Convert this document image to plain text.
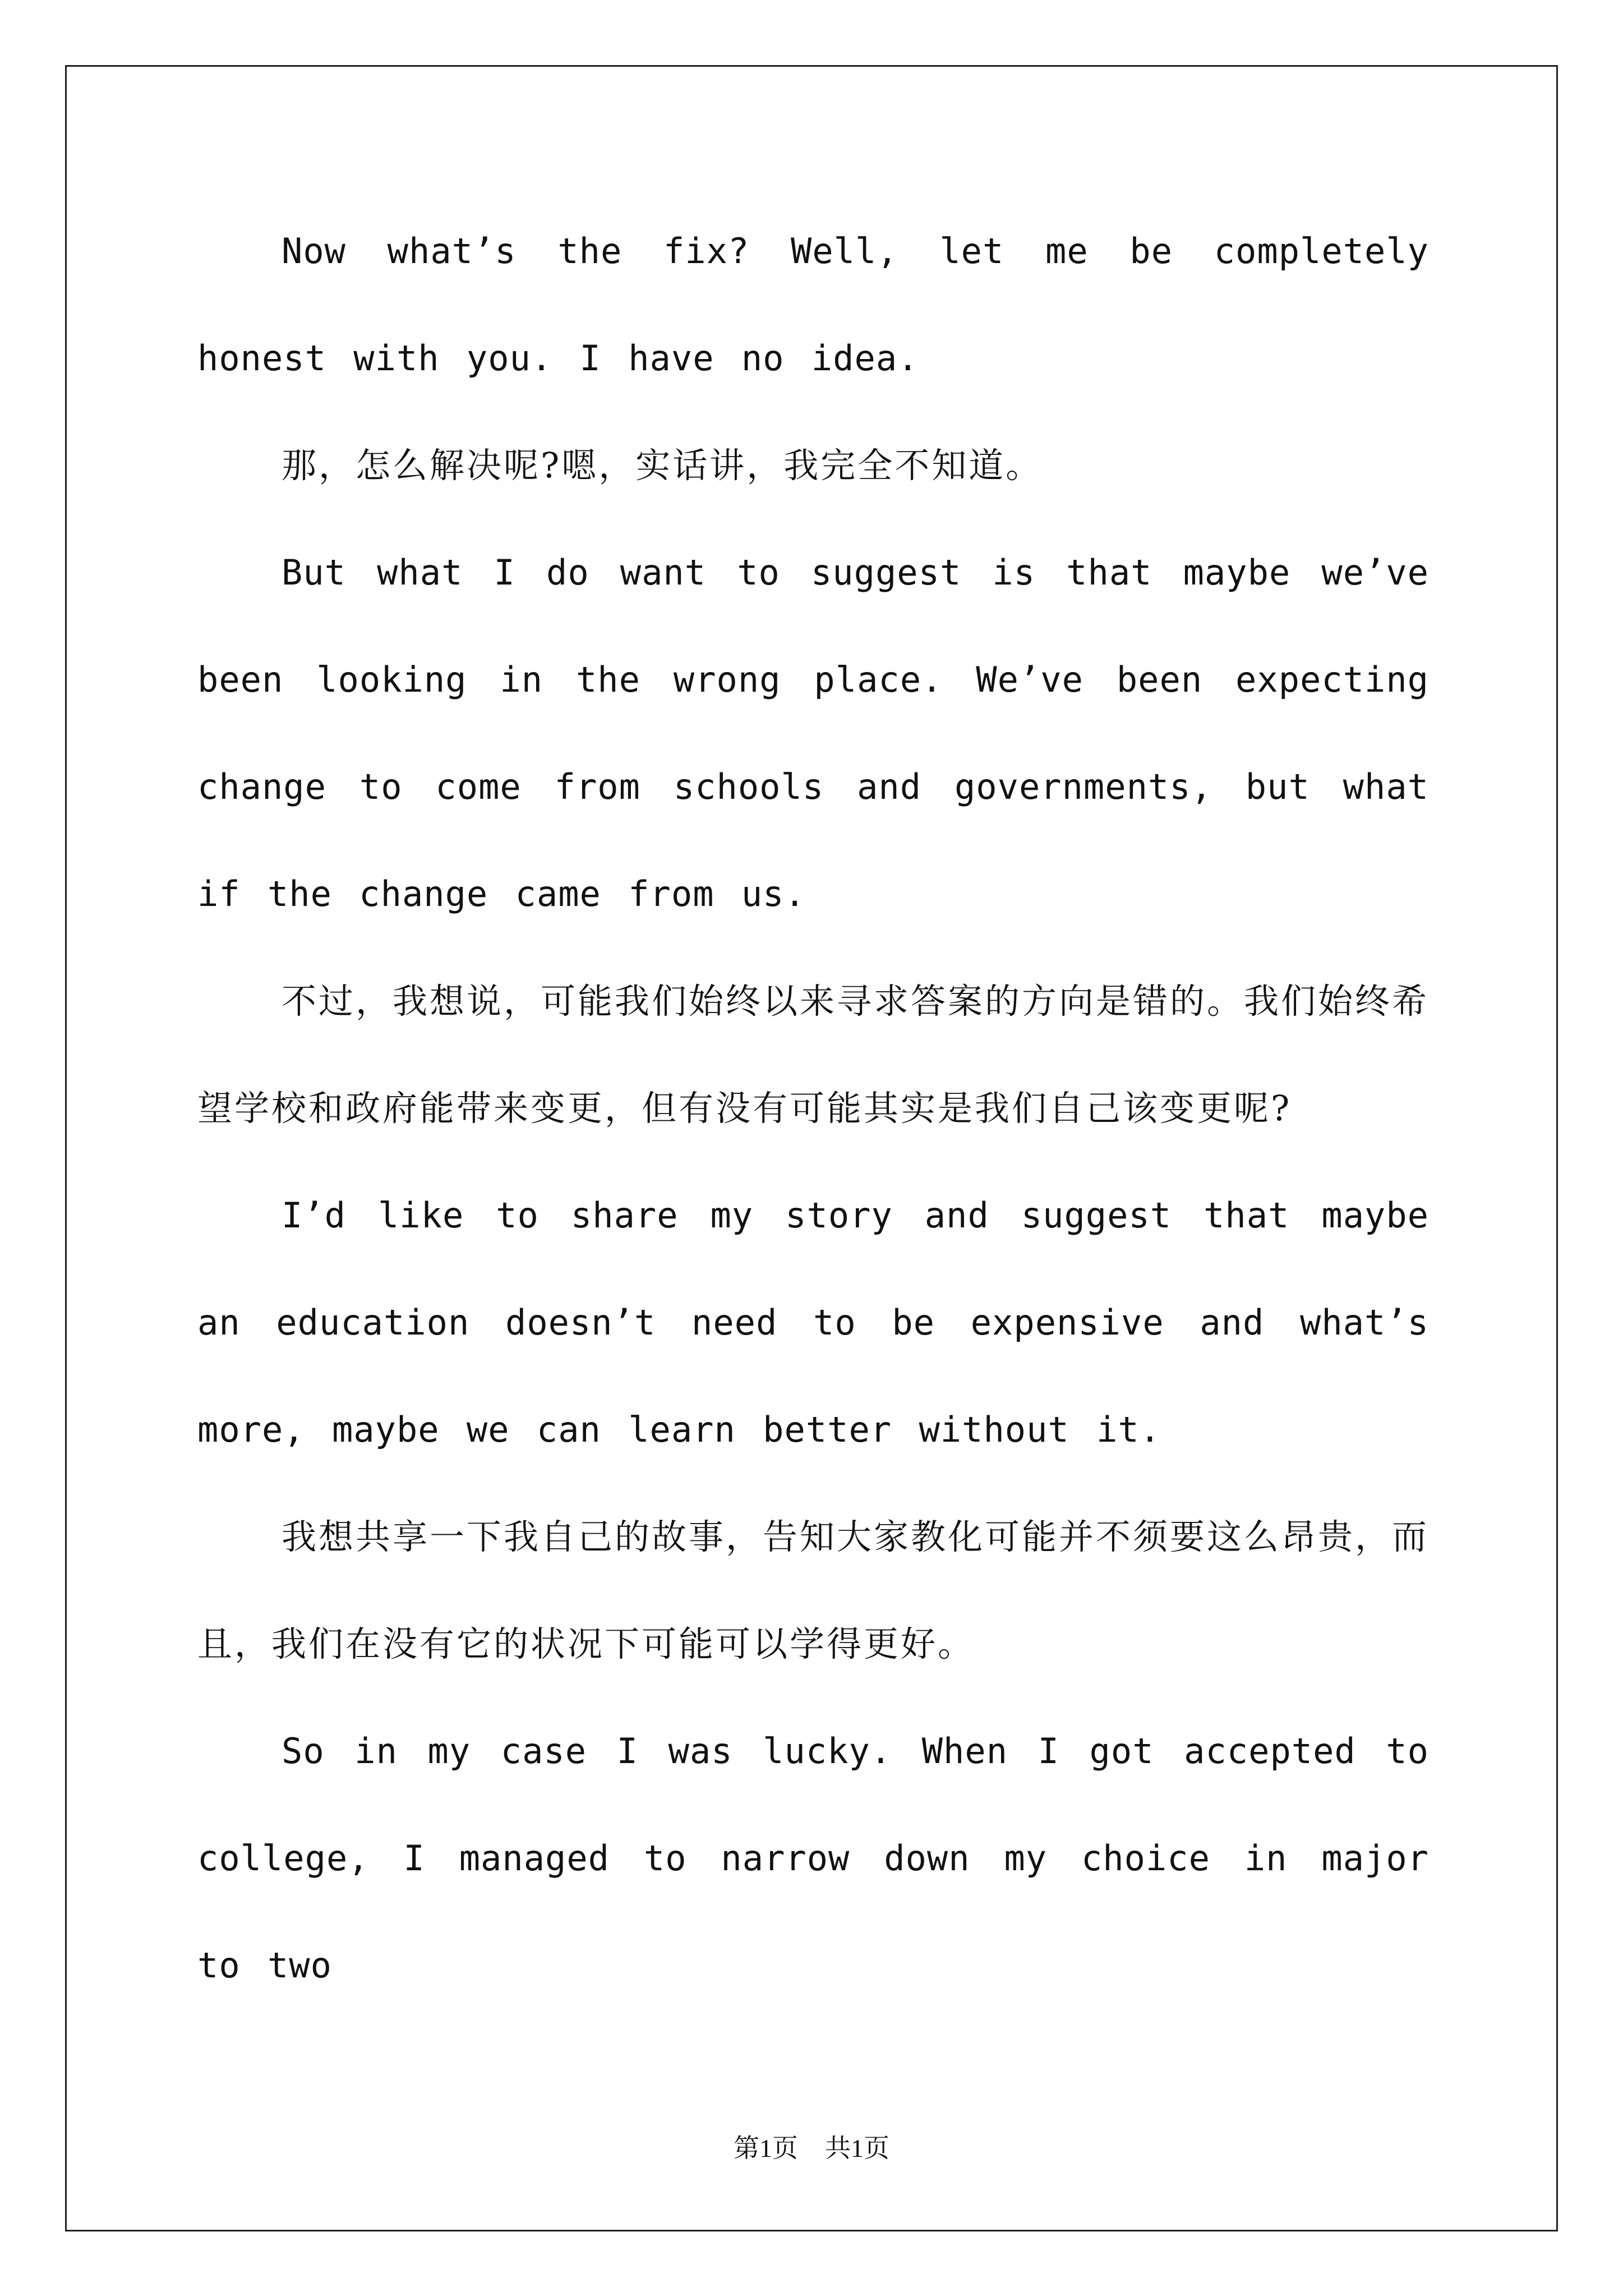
Now what’s the fix? Well, let me be completely honest with you. I have no idea.

那，怎么解决呢?嗯，实话讲，我完全不知道。

But what I do want to suggest is that maybe we’ve been looking in the wrong place. We’ve been expecting change to come from schools and governments, but what if the change came from us.

不过，我想说，可能我们始终以来寻求答案的方向是错的。我们始终希望学校和政府能带来变更，但有没有可能其实是我们自己该变更呢?

I’d like to share my story and suggest that maybe an education doesn’t need to be expensive and what’s more, maybe we can learn better without it.

我想共享一下我自己的故事，告知大家教化可能并不须要这么昂贵，而且，我们在没有它的状况下可能可以学得更好。

So in my case I was lucky. When I got accepted to college, I managed to narrow down my choice in major to two

第1页 共1页
